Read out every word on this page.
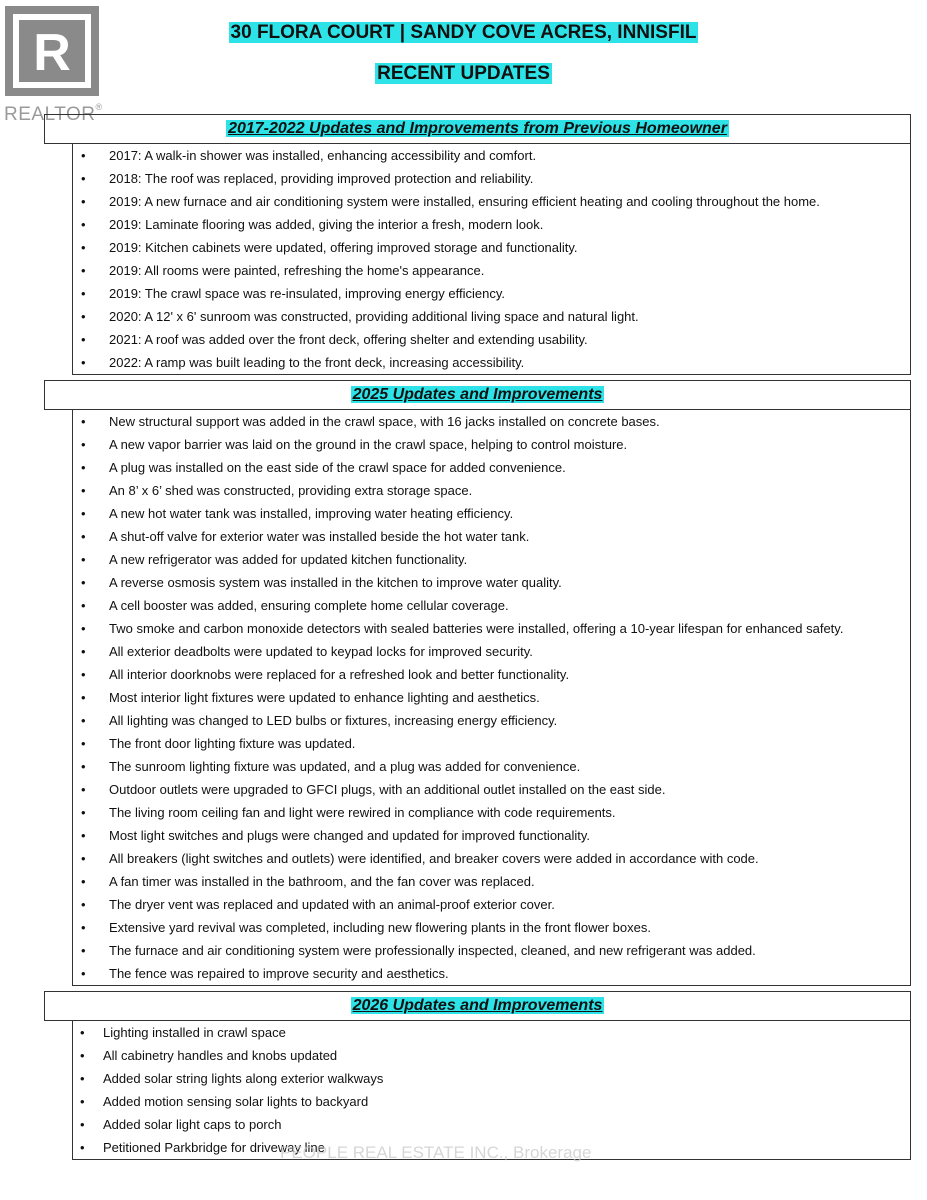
R
REALTOR®
30 FLORA COURT | SANDY COVE ACRES, INNISFIL
RECENT UPDATES
2017-2022 Updates and Improvements from Previous Homeowner
• 2017: A walk-in shower was installed, enhancing accessibility and comfort.
• 2018: The roof was replaced, providing improved protection and reliability.
• 2019: A new furnace and air conditioning system were installed, ensuring efficient heating and cooling throughout the home.
• 2019: Laminate flooring was added, giving the interior a fresh, modern look.
• 2019: Kitchen cabinets were updated, offering improved storage and functionality.
• 2019: All rooms were painted, refreshing the home's appearance.
• 2019: The crawl space was re-insulated, improving energy efficiency.
• 2020: A 12' x 6' sunroom was constructed, providing additional living space and natural light.
• 2021: A roof was added over the front deck, offering shelter and extending usability.
• 2022: A ramp was built leading to the front deck, increasing accessibility.
2025 Updates and Improvements
• New structural support was added in the crawl space, with 16 jacks installed on concrete bases.
• A new vapor barrier was laid on the ground in the crawl space, helping to control moisture.
• A plug was installed on the east side of the crawl space for added convenience.
• An 8’ x 6’ shed was constructed, providing extra storage space.
• A new hot water tank was installed, improving water heating efficiency.
• A shut-off valve for exterior water was installed beside the hot water tank.
• A new refrigerator was added for updated kitchen functionality.
• A reverse osmosis system was installed in the kitchen to improve water quality.
• A cell booster was added, ensuring complete home cellular coverage.
• Two smoke and carbon monoxide detectors with sealed batteries were installed, offering a 10-year lifespan for enhanced safety.
• All exterior deadbolts were updated to keypad locks for improved security.
• All interior doorknobs were replaced for a refreshed look and better functionality.
• Most interior light fixtures were updated to enhance lighting and aesthetics.
• All lighting was changed to LED bulbs or fixtures, increasing energy efficiency.
• The front door lighting fixture was updated.
• The sunroom lighting fixture was updated, and a plug was added for convenience.
• Outdoor outlets were upgraded to GFCI plugs, with an additional outlet installed on the east side.
• The living room ceiling fan and light were rewired in compliance with code requirements.
• Most light switches and plugs were changed and updated for improved functionality.
• All breakers (light switches and outlets) were identified, and breaker covers were added in accordance with code.
• A fan timer was installed in the bathroom, and the fan cover was replaced.
• The dryer vent was replaced and updated with an animal-proof exterior cover.
• Extensive yard revival was completed, including new flowering plants in the front flower boxes.
• The furnace and air conditioning system were professionally inspected, cleaned, and new refrigerant was added.
• The fence was repaired to improve security and aesthetics.
2026 Updates and Improvements
• Lighting installed in crawl space
• All cabinetry handles and knobs updated
• Added solar string lights along exterior walkways
• Added motion sensing solar lights to backyard
• Added solar light caps to porch
• Petitioned Parkbridge for driveway line
PEOPLE REAL ESTATE INC., Brokerage
